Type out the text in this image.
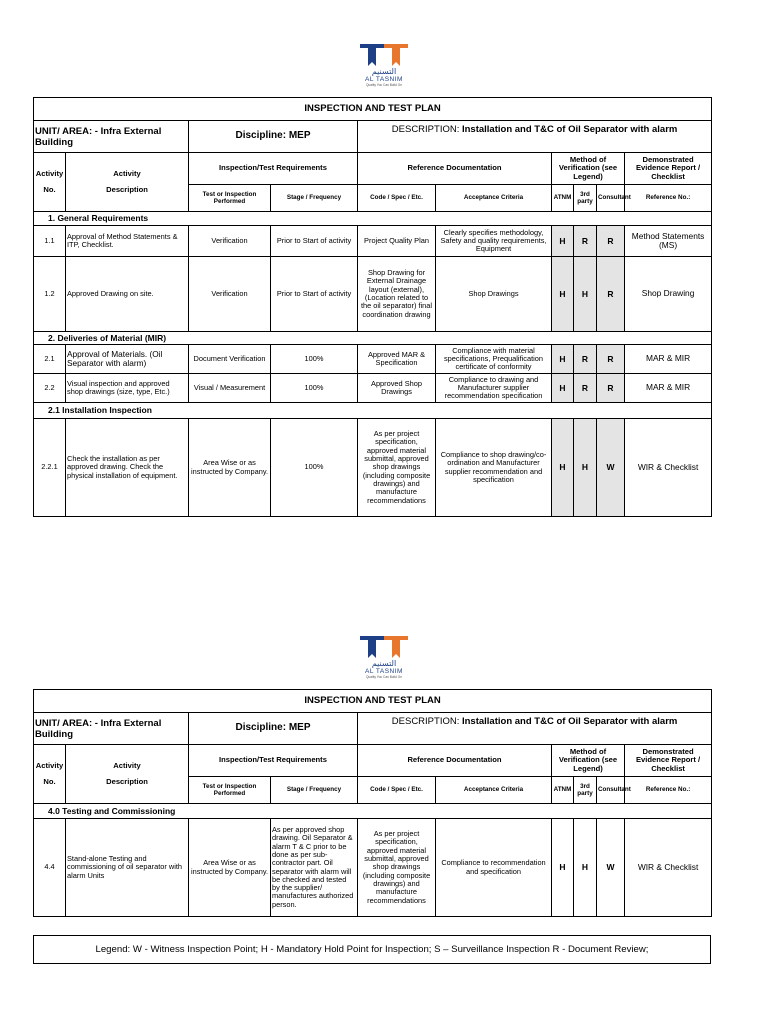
التسنيم
AL TASNIM
Quality You Can Build On
INSPECTION AND TEST PLAN									
UNIT/ AREA: - Infra External Building		Discipline: MEP		DESCRIPTION: Installation and T&C of Oil Separator with alarm					
Activity

No.	Activity

Description	Inspection/Test Requirements		Reference Documentation		Method of Verification (see Legend)			Demonstrated Evidence Report / Checklist
		Test or Inspection Performed	Stage / Frequency	Code / Spec / Etc.	Acceptance Criteria	ATNM	3rd party	Consultant	Reference No.:
1. General Requirements									
1.1	Approval of Method Statements & ITP, Checklist.	Verification	Prior to Start of activity	Project Quality Plan	Clearly specifies methodology, Safety and quality requirements, Equipment	H	R	R	Method Statements (MS)
1.2	Approved Drawing on site.	Verification	Prior to Start of activity	Shop Drawing for External Drainage layout (external), (Location related to the oil separator) final coordination drawing	Shop Drawings	H	H	R	Shop Drawing
2. Deliveries of Material (MIR)									
2.1	Approval of Materials. (Oil Separator with alarm)	Document Verification	100%	Approved MAR & Specification	Compliance with material specifications, Prequalification certificate of conformity	H	R	R	MAR & MIR
2.2	Visual inspection and approved shop drawings (size, type, Etc.)	Visual / Measurement	100%	Approved Shop Drawings	Compliance to drawing and Manufacturer supplier recommendation specification	H	R	R	MAR & MIR
2.1 Installation Inspection									
2.2.1	Check the installation as per approved drawing. Check the physical installation of equipment.	Area Wise or as instructed by Company.	100%	As per project specification, approved material submittal, approved shop drawings (including composite drawings) and manufacture recommendations	Compliance to shop drawing/co-ordination and Manufacturer supplier recommendation and specification	H	H	W	WIR & Checklist
التسنيم
AL TASNIM
Quality You Can Build On
INSPECTION AND TEST PLAN									
UNIT/ AREA: - Infra External Building		Discipline: MEP		DESCRIPTION: Installation and T&C of Oil Separator with alarm					
Activity

No.	Activity

Description	Inspection/Test Requirements		Reference Documentation		Method of Verification (see Legend)			Demonstrated Evidence Report / Checklist
		Test or Inspection Performed	Stage / Frequency	Code / Spec / Etc.	Acceptance Criteria	ATNM	3rd party	Consultant	Reference No.:
4.0 Testing and Commissioning									
4.4	Stand-alone Testing and commissioning of oil separator with alarm Units	Area Wise or as instructed by Company.	As per approved shop drawing. Oil Separator & alarm T & C prior to be done as per sub-contractor part. Oil separator with alarm will be checked and tested by the supplier/ manufactures authorized person.	As per project specification, approved material submittal, approved shop drawings (including composite drawings) and manufacture recommendations	Compliance to recommendation and specification	H	H	W	WIR & Checklist
Legend: W - Witness Inspection Point; H - Mandatory Hold Point for Inspection; S – Surveillance Inspection R - Document Review;
